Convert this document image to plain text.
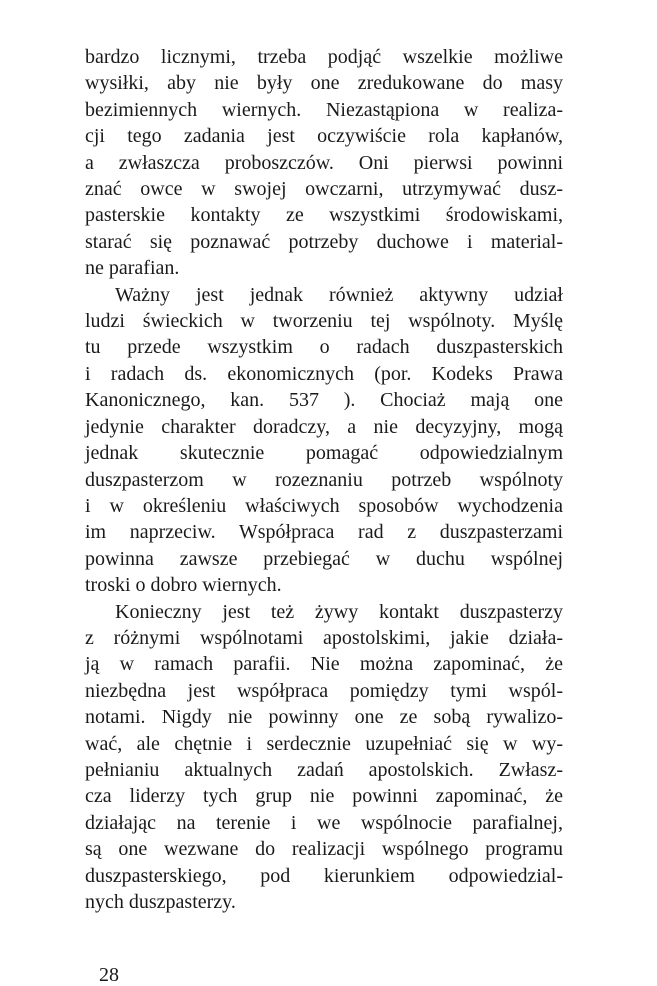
bardzo licznymi, trzeba podjąć wszelkie możliwe
wysiłki, aby nie były one zredukowane do masy
bezimiennych wiernych. Niezastąpiona w realiza-
cji tego zadania jest oczywiście rola kapłanów,
a zwłaszcza proboszczów. Oni pierwsi powinni
znać owce w swojej owczarni, utrzymywać dusz-
pasterskie kontakty ze wszystkimi środowiskami,
starać się poznawać potrzeby duchowe i material-
ne parafian.

Ważny jest jednak również aktywny udział
ludzi świeckich w tworzeniu tej wspólnoty. Myślę
tu przede wszystkim o radach duszpasterskich
i radach ds. ekonomicznych (por. Kodeks Prawa
Kanonicznego, kan. 537 ). Chociaż mają one
jedynie charakter doradczy, a nie decyzyjny, mogą
jednak skutecznie pomagać odpowiedzialnym
duszpasterzom w rozeznaniu potrzeb wspólnoty
i w określeniu właściwych sposobów wychodzenia
im naprzeciw. Współpraca rad z duszpasterzami
powinna zawsze przebiegać w duchu wspólnej
troski o dobro wiernych.

Konieczny jest też żywy kontakt duszpasterzy
z różnymi wspólnotami apostolskimi, jakie działa-
ją w ramach parafii. Nie można zapominać, że
niezbędna jest współpraca pomiędzy tymi wspól-
notami. Nigdy nie powinny one ze sobą rywalizo-
wać, ale chętnie i serdecznie uzupełniać się w wy-
pełnianiu aktualnych zadań apostolskich. Zwłasz-
cza liderzy tych grup nie powinni zapominać, że
działając na terenie i we wspólnocie parafialnej,
są one wezwane do realizacji wspólnego programu
duszpasterskiego, pod kierunkiem odpowiedzial-
nych duszpasterzy.

28
